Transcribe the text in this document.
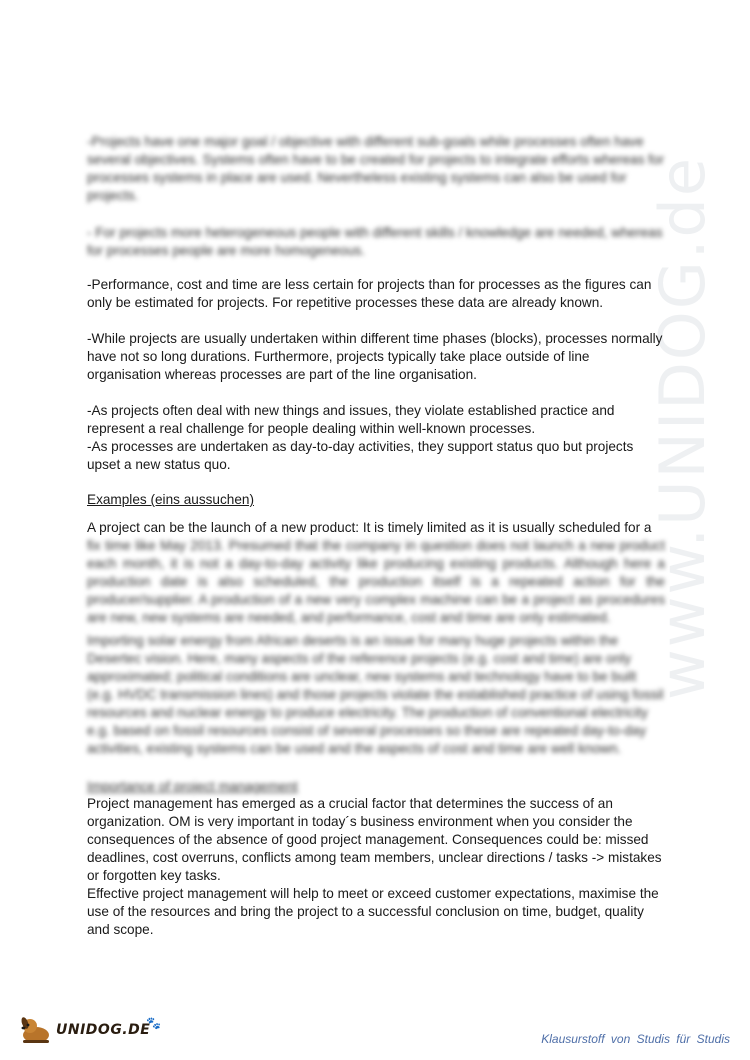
www.UNIDOG.de

-Projects have one major goal / objective with different sub-goals while processes often have several objectives. Systems often have to be created for projects to integrate efforts whereas for processes systems in place are used. Nevertheless existing systems can also be used for projects.

- For projects more heterogeneous people with different skills / knowledge are needed, whereas for processes people are more homogeneous.

-Performance, cost and time are less certain for projects than for processes as the figures can only be estimated for projects. For repetitive processes these data are already known.

-While projects are usually undertaken within different time phases (blocks), processes normally have not so long durations. Furthermore, projects typically take place outside of line organisation whereas processes are part of the line organisation.

-As projects often deal with new things and issues, they violate established practice and represent a real challenge for people dealing within well-known processes.

-As processes are undertaken as day-to-day activities, they support status quo but projects upset a new status quo.

Examples (eins aussuchen)

A project can be the launch of a new product: It is timely limited as it is usually scheduled for a

fix time like May 2013. Presumed that the company in question does not launch a new product each month, it is not a day-to-day activity like producing existing products. Although here a production date is also scheduled, the production itself is a repeated action for the producer/supplier. A production of a new very complex machine can be a project as procedures are new, new systems are needed, and performance, cost and time are only estimated.

Importing solar energy from African deserts is an issue for many huge projects within the Desertec vision. Here, many aspects of the reference projects (e.g. cost and time) are only approximated; political conditions are unclear, new systems and technology have to be built (e.g. HVDC transmission lines) and those projects violate the established practice of using fossil resources and nuclear energy to produce electricity. The production of conventional electricity e.g. based on fossil resources consist of several processes so these are repeated day-to-day activities, existing systems can be used and the aspects of cost and time are well known.

Importance of project management

Project management has emerged as a crucial factor that determines the success of an organization. OM is very important in today´s business environment when you consider the consequences of the absence of good project management. Consequences could be: missed deadlines, cost overruns, conflicts among team members, unclear directions / tasks -> mistakes or forgotten key tasks.

Effective project management will help to meet or exceed customer expectations, maximise the use of the resources and bring the project to a successful conclusion on time, budget, quality and scope.

UNIDOG.DE
🐾
Klausurstoff von Studis für Studis
